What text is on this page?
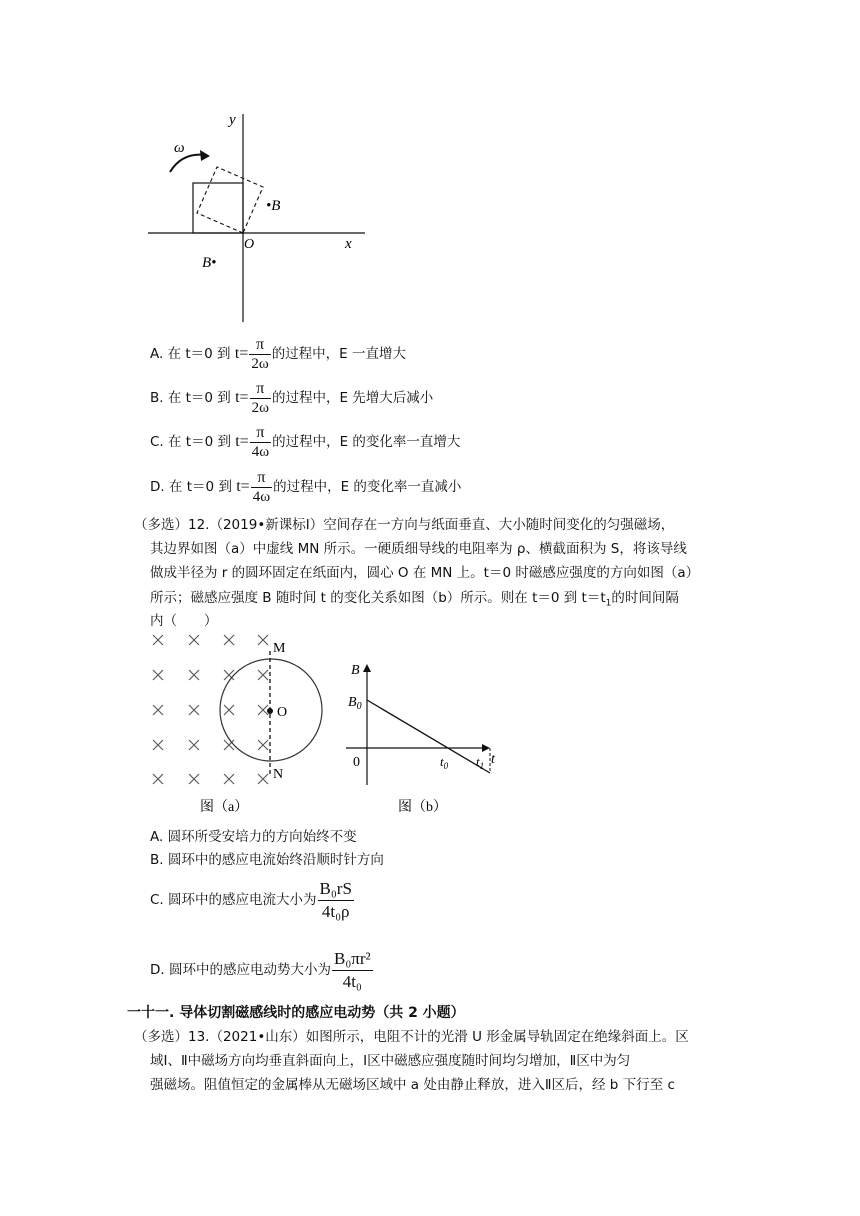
ω
y
x
O
•B
B•
A. 在 t＝0 到 $t= \frac{\pi}{2\omega}$ 的过程中，E 一直增大
B. 在 t＝0 到 $t= \frac{\pi}{2\omega}$ 的过程中，E 先增大后减小
C. 在 t＝0 到 $t= \frac{\pi}{4\omega}$ 的过程中，E 的变化率一直增大
D. 在 t＝0 到 $t= \frac{\pi}{4\omega}$ 的过程中，E 的变化率一直减小
（多选）12.（2019•新课标Ⅰ）空间存在一方向与纸面垂直、大小随时间变化的匀强磁场，
其边界如图（a）中虚线 MN 所示。一硬质细导线的电阻率为 ρ、横截面积为 S，将该导线
做成半径为 r 的圆环固定在纸面内，圆心 O 在 MN 上。t＝0 时磁感应强度的方向如图（a）
所示；磁感应强度 B 随时间 t 的变化关系如图（b）所示。则在 t＝0 到 $t=t_1$的时间间隔
内（　　）
M
O
N
图（a）
B
t
$B_0$
0	$t_0$ $t_1$
图（b）
A. 圆环所受安培力的方向始终不变
B. 圆环中的感应电流始终沿顺时针方向
C. 圆环中的感应电流大小为 $\frac{\text{B₀rS}}{\text{4t₀ρ}}$
D. 圆环中的感应电动势大小为 $\frac{\text{B₀πr²}}{\text{4t₀}}$
一十一. 导体切割磁感线时的感应电动势（共 2 小题）
（多选）13.（2021•山东）如图所示，电阻不计的光滑 U 形金属导轨固定在绝缘斜面上。区
域Ⅰ、Ⅱ中磁场方向均垂直斜面向上，Ⅰ区中磁感应强度随时间均匀增加，Ⅱ区中为匀
强磁场。阻值恒定的金属棒从无磁场区域中 a 处由静止释放，进入Ⅱ区后，经 b 下行至 c
